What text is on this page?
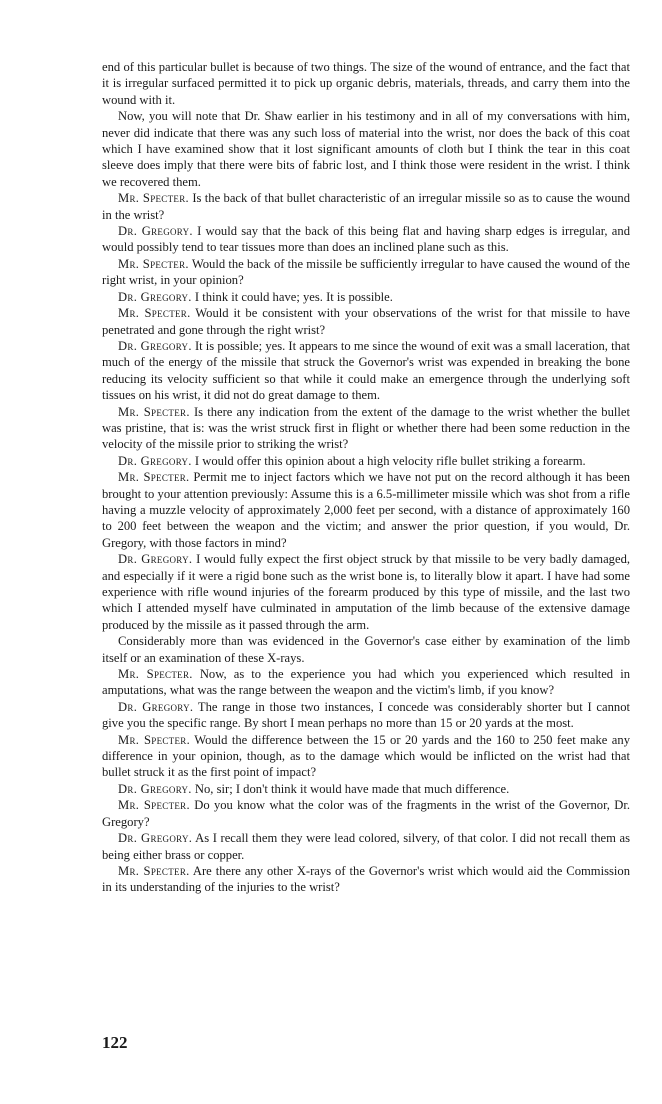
end of this particular bullet is because of two things. The size of the wound of entrance, and the fact that it is irregular surfaced permitted it to pick up organic debris, materials, threads, and carry them into the wound with it.

Now, you will note that Dr. Shaw earlier in his testimony and in all of my conversations with him, never did indicate that there was any such loss of material into the wrist, nor does the back of this coat which I have examined show that it lost significant amounts of cloth but I think the tear in this coat sleeve does imply that there were bits of fabric lost, and I think those were resident in the wrist. I think we recovered them.

Mr. Specter. Is the back of that bullet characteristic of an irregular missile so as to cause the wound in the wrist?

Dr. Gregory. I would say that the back of this being flat and having sharp edges is irregular, and would possibly tend to tear tissues more than does an inclined plane such as this.

Mr. Specter. Would the back of the missile be sufficiently irregular to have caused the wound of the right wrist, in your opinion?

Dr. Gregory. I think it could have; yes. It is possible.

Mr. Specter. Would it be consistent with your observations of the wrist for that missile to have penetrated and gone through the right wrist?

Dr. Gregory. It is possible; yes. It appears to me since the wound of exit was a small laceration, that much of the energy of the missile that struck the Governor's wrist was expended in breaking the bone reducing its velocity sufficient so that while it could make an emergence through the underlying soft tissues on his wrist, it did not do great damage to them.

Mr. Specter. Is there any indication from the extent of the damage to the wrist whether the bullet was pristine, that is: was the wrist struck first in flight or whether there had been some reduction in the velocity of the missile prior to striking the wrist?

Dr. Gregory. I would offer this opinion about a high velocity rifle bullet striking a forearm.

Mr. Specter. Permit me to inject factors which we have not put on the record although it has been brought to your attention previously: Assume this is a 6.5-millimeter missile which was shot from a rifle having a muzzle velocity of approximately 2,000 feet per second, with a distance of approximately 160 to 200 feet between the weapon and the victim; and answer the prior question, if you would, Dr. Gregory, with those factors in mind?

Dr. Gregory. I would fully expect the first object struck by that missile to be very badly damaged, and especially if it were a rigid bone such as the wrist bone is, to literally blow it apart. I have had some experience with rifle wound injuries of the forearm produced by this type of missile, and the last two which I attended myself have culminated in amputation of the limb because of the extensive damage produced by the missile as it passed through the arm.

Considerably more than was evidenced in the Governor's case either by examination of the limb itself or an examination of these X-rays.

Mr. Specter. Now, as to the experience you had which you experienced which resulted in amputations, what was the range between the weapon and the victim's limb, if you know?

Dr. Gregory. The range in those two instances, I concede was considerably shorter but I cannot give you the specific range. By short I mean perhaps no more than 15 or 20 yards at the most.

Mr. Specter. Would the difference between the 15 or 20 yards and the 160 to 250 feet make any difference in your opinion, though, as to the damage which would be inflicted on the wrist had that bullet struck it as the first point of impact?

Dr. Gregory. No, sir; I don't think it would have made that much difference.

Mr. Specter. Do you know what the color was of the fragments in the wrist of the Governor, Dr. Gregory?

Dr. Gregory. As I recall them they were lead colored, silvery, of that color. I did not recall them as being either brass or copper.

Mr. Specter. Are there any other X-rays of the Governor's wrist which would aid the Commission in its understanding of the injuries to the wrist?

122
